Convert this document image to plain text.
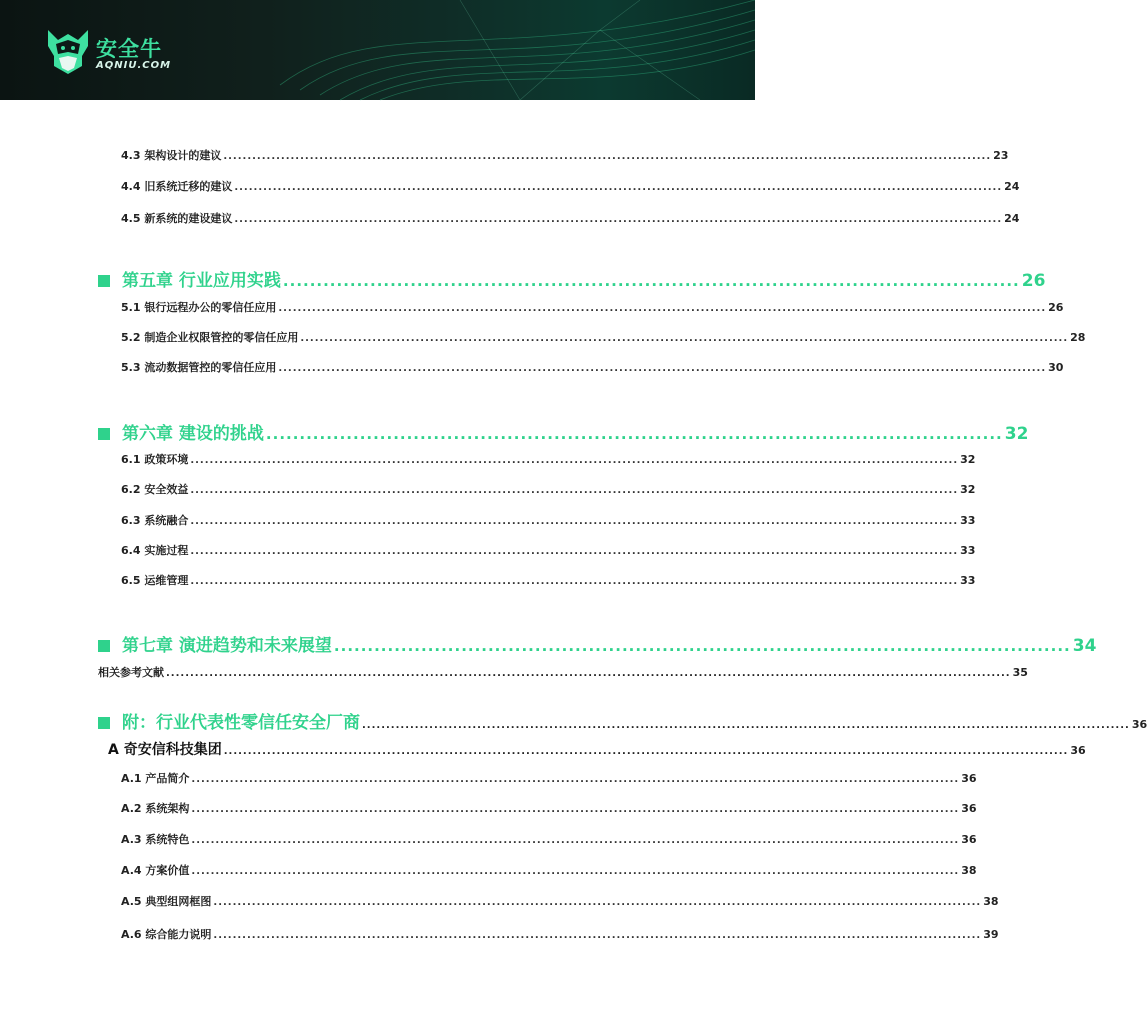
安全牛
AQNIU.COM
4.3 架构设计的建议 ................................................................................................................................................................ 23
4.4 旧系统迁移的建议 ................................................................................................................................................................ 24
4.5 新系统的建设建议 ................................................................................................................................................................ 24
第五章 行业应用实践 .............................................................................................................. 26
5.1 银行远程办公的零信任应用 ................................................................................................................................................................ 26
5.2 制造企业权限管控的零信任应用 ................................................................................................................................................................ 28
5.3 流动数据管控的零信任应用 ................................................................................................................................................................ 30
第六章 建设的挑战 .............................................................................................................. 32
6.1 政策环境 ................................................................................................................................................................ 32
6.2 安全效益 ................................................................................................................................................................ 32
6.3 系统融合 ................................................................................................................................................................ 33
6.4 实施过程 ................................................................................................................................................................ 33
6.5 运维管理 ................................................................................................................................................................ 33
第七章 演进趋势和未来展望 .............................................................................................................. 34
相关参考文献 ................................................................................................................................................................................ 35
附：行业代表性零信任安全厂商 ................................................................................................................................................................ 36
A 奇安信科技集团 ................................................................................................................................................................................ 36
A.1 产品简介 ................................................................................................................................................................ 36
A.2 系统架构 ................................................................................................................................................................ 36
A.3 系统特色 ................................................................................................................................................................ 36
A.4 方案价值 ................................................................................................................................................................ 38
A.5 典型组网框图 ................................................................................................................................................................ 38
A.6 综合能力说明 ................................................................................................................................................................ 39
